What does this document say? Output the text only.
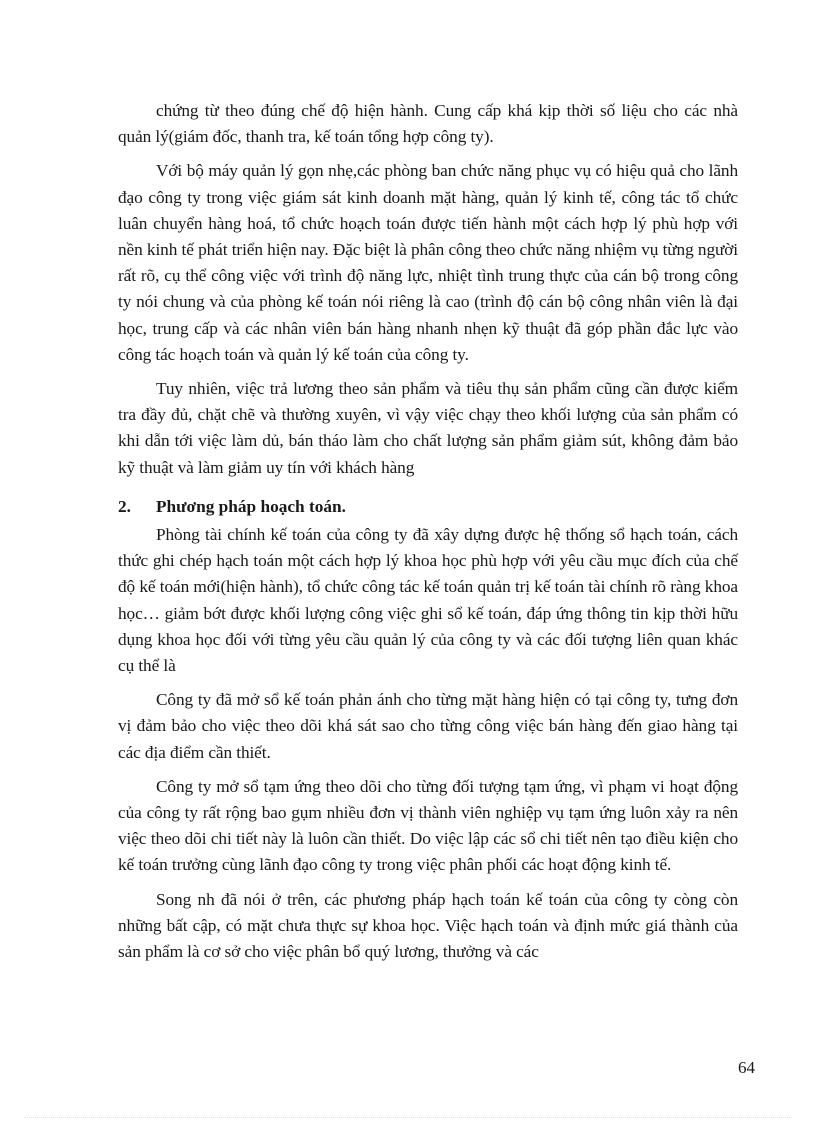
chứng từ theo đúng chế độ hiện hành. Cung cấp khá kịp thời số liệu cho các nhà quản lý(giám đốc, thanh tra, kế toán tổng hợp công ty).

Với bộ máy quản lý gọn nhẹ,các phòng ban chức năng phục vụ có hiệu quả cho lãnh đạo công ty trong việc giám sát kinh doanh mặt hàng, quản lý kinh tế, công tác tổ chức luân chuyển hàng hoá, tổ chức hoạch toán được tiến hành một cách hợp lý phù hợp với nền kinh tế phát triển hiện nay. Đặc biệt là phân công theo chức năng nhiệm vụ từng người rất rõ, cụ thể công việc với trình độ năng lực, nhiệt tình trung thực của cán bộ trong công ty nói chung và của phòng kế toán nói riêng là cao (trình độ cán bộ công nhân viên là đại học, trung cấp và các nhân viên bán hàng nhanh nhẹn kỹ thuật đã góp phần đắc lực vào công tác hoạch toán và quản lý kế toán của công ty.

Tuy nhiên, việc trả lương theo sản phẩm và tiêu thụ sản phẩm cũng cần được kiểm tra đầy đủ, chặt chẽ và thường xuyên, vì vậy việc chạy theo khối lượng của sản phẩm có khi dẫn tới việc làm dủ, bán tháo làm cho chất lượng sản phẩm giảm sút, không đảm bảo kỹ thuật và làm giảm uy tín với khách hàng

2.	Phương pháp hoạch toán.

Phòng tài chính kế toán của công ty đã xây dựng được hệ thống sổ hạch toán, cách thức ghi chép hạch toán một cách hợp lý khoa học phù hợp với yêu cầu mục đích của chế độ kế toán mới(hiện hành), tổ chức công tác kế toán quản trị kế toán tài chính rõ ràng khoa học… giảm bớt được khối lượng công việc ghi sổ kế toán, đáp ứng thông tin kịp thời hữu dụng khoa học đối với từng yêu cầu quản lý của công ty và các đối tượng liên quan khác cụ thể là

Công ty đã mở sổ kế toán phản ánh cho từng mặt hàng hiện có tại công ty, tưng đơn vị đảm bảo cho việc theo dõi khá sát sao cho từng công việc bán hàng đến giao hàng tại các địa điểm cần thiết.

Công ty mở sổ tạm ứng theo dõi cho từng đối tượng tạm ứng, vì phạm vi hoạt động của công ty rất rộng bao gụm nhiều đơn vị thành viên nghiệp vụ tạm ứng luôn xảy ra nên việc theo dõi chi tiết này là luôn cần thiết. Do việc lập các sổ chi tiết nên tạo điều kiện cho kế toán trưởng cùng lãnh đạo công ty trong việc phân phối các hoạt động kinh tế.

Song nh đã nói ở trên, các phương pháp hạch toán kế toán của công ty còng còn những bất cập, có mặt chưa thực sự khoa học. Việc hạch toán và định mức giá thành của sản phẩm là cơ sở cho việc phân bổ quý lương, thưởng và các

64
